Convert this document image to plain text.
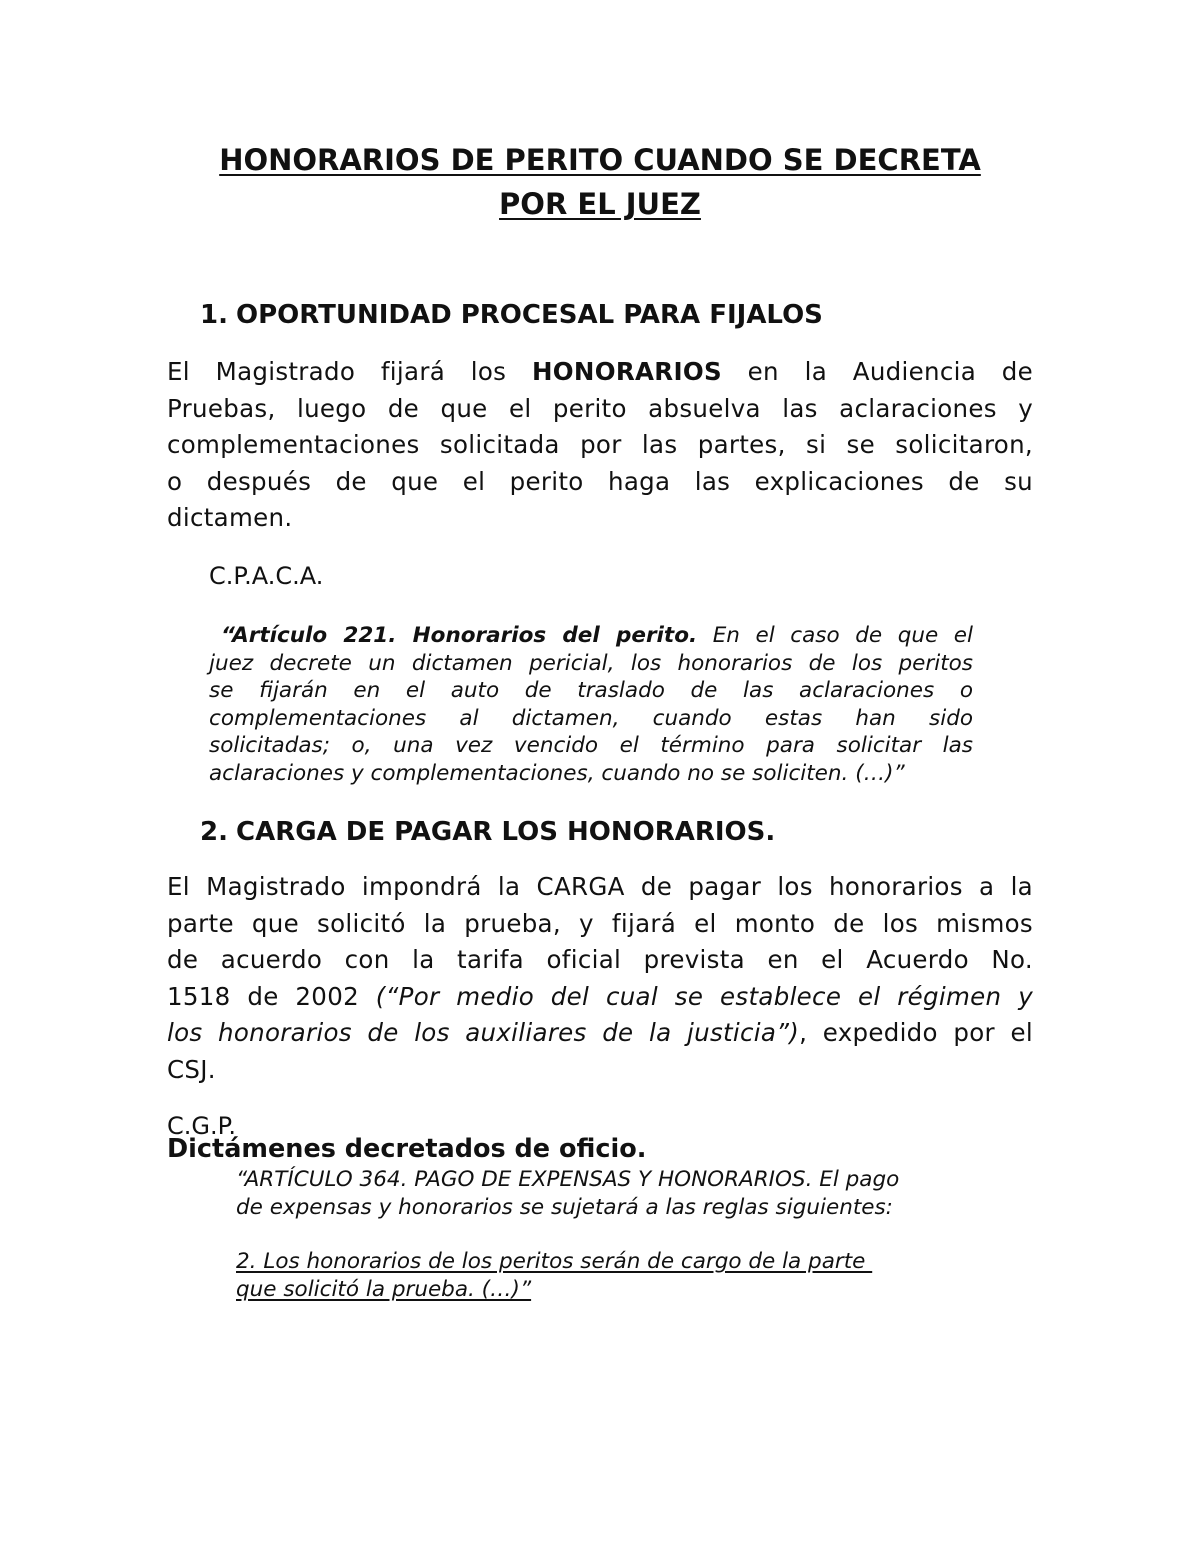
HONORARIOS DE PERITO CUANDO SE DECRETA
POR EL JUEZ
1. OPORTUNIDAD PROCESAL PARA FIJALOS
El Magistrado fijará los HONORARIOS en la Audiencia de
Pruebas, luego de que el perito absuelva las aclaraciones y
complementaciones solicitada por las partes, si se solicitaron,
o después de que el perito haga las explicaciones de su
dictamen.
C.P.A.C.A.
“Artículo 221. Honorarios del perito. En el caso de que el
juez decrete un dictamen pericial, los honorarios de los peritos
se fijarán en el auto de traslado de las aclaraciones o
complementaciones al dictamen, cuando estas han sido
solicitadas; o, una vez vencido el término para solicitar las
aclaraciones y complementaciones, cuando no se soliciten. (…)”
2. CARGA DE PAGAR LOS HONORARIOS.
El Magistrado impondrá la CARGA de pagar los honorarios a la
parte que solicitó la prueba, y fijará el monto de los mismos
de acuerdo con la tarifa oficial prevista en el Acuerdo No.
1518 de 2002 (“Por medio del cual se establece el régimen y
los honorarios de los auxiliares de la justicia”), expedido por el
CSJ.
C.G.P.
“ARTÍCULO 364. PAGO DE EXPENSAS Y HONORARIOS. El pago
de expensas y honorarios se sujetará a las reglas siguientes:
2. Los honorarios de los peritos serán de cargo de la parte
que solicitó la prueba. (…)”
Dictámenes decretados de oficio.
